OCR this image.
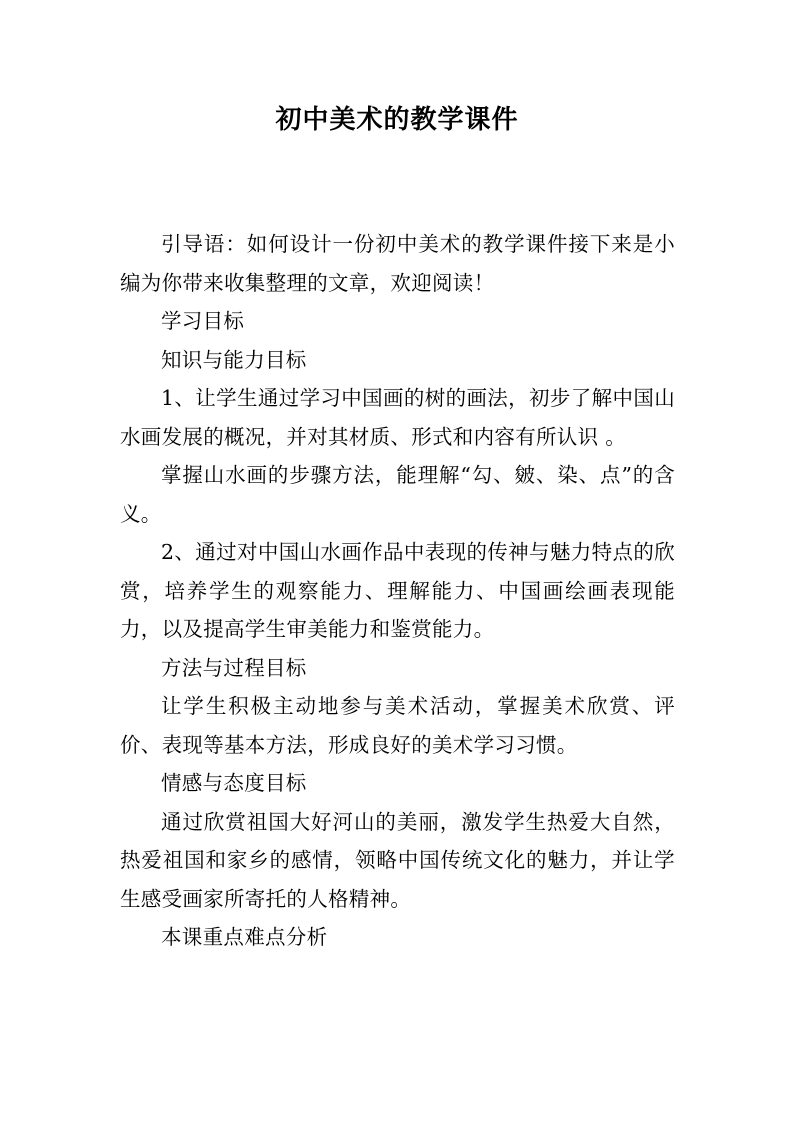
初中美术的教学课件

引导语：如何设计一份初中美术的教学课件接下来是小编为你带来收集整理的文章，欢迎阅读！

学习目标

知识与能力目标

1、让学生通过学习中国画的树的画法，初步了解中国山水画发展的概况，并对其材质、形式和内容有所认识 。

掌握山水画的步骤方法，能理解“勾、皴、染、点”的含义。

2、通过对中国山水画作品中表现的传神与魅力特点的欣赏，培养学生的观察能力、理解能力、中国画绘画表现能力，以及提高学生审美能力和鉴赏能力。

方法与过程目标

让学生积极主动地参与美术活动，掌握美术欣赏、评价、表现等基本方法，形成良好的美术学习习惯。

情感与态度目标

通过欣赏祖国大好河山的美丽，激发学生热爱大自然，热爱祖国和家乡的感情，领略中国传统文化的魅力，并让学生感受画家所寄托的人格精神。

本课重点难点分析
